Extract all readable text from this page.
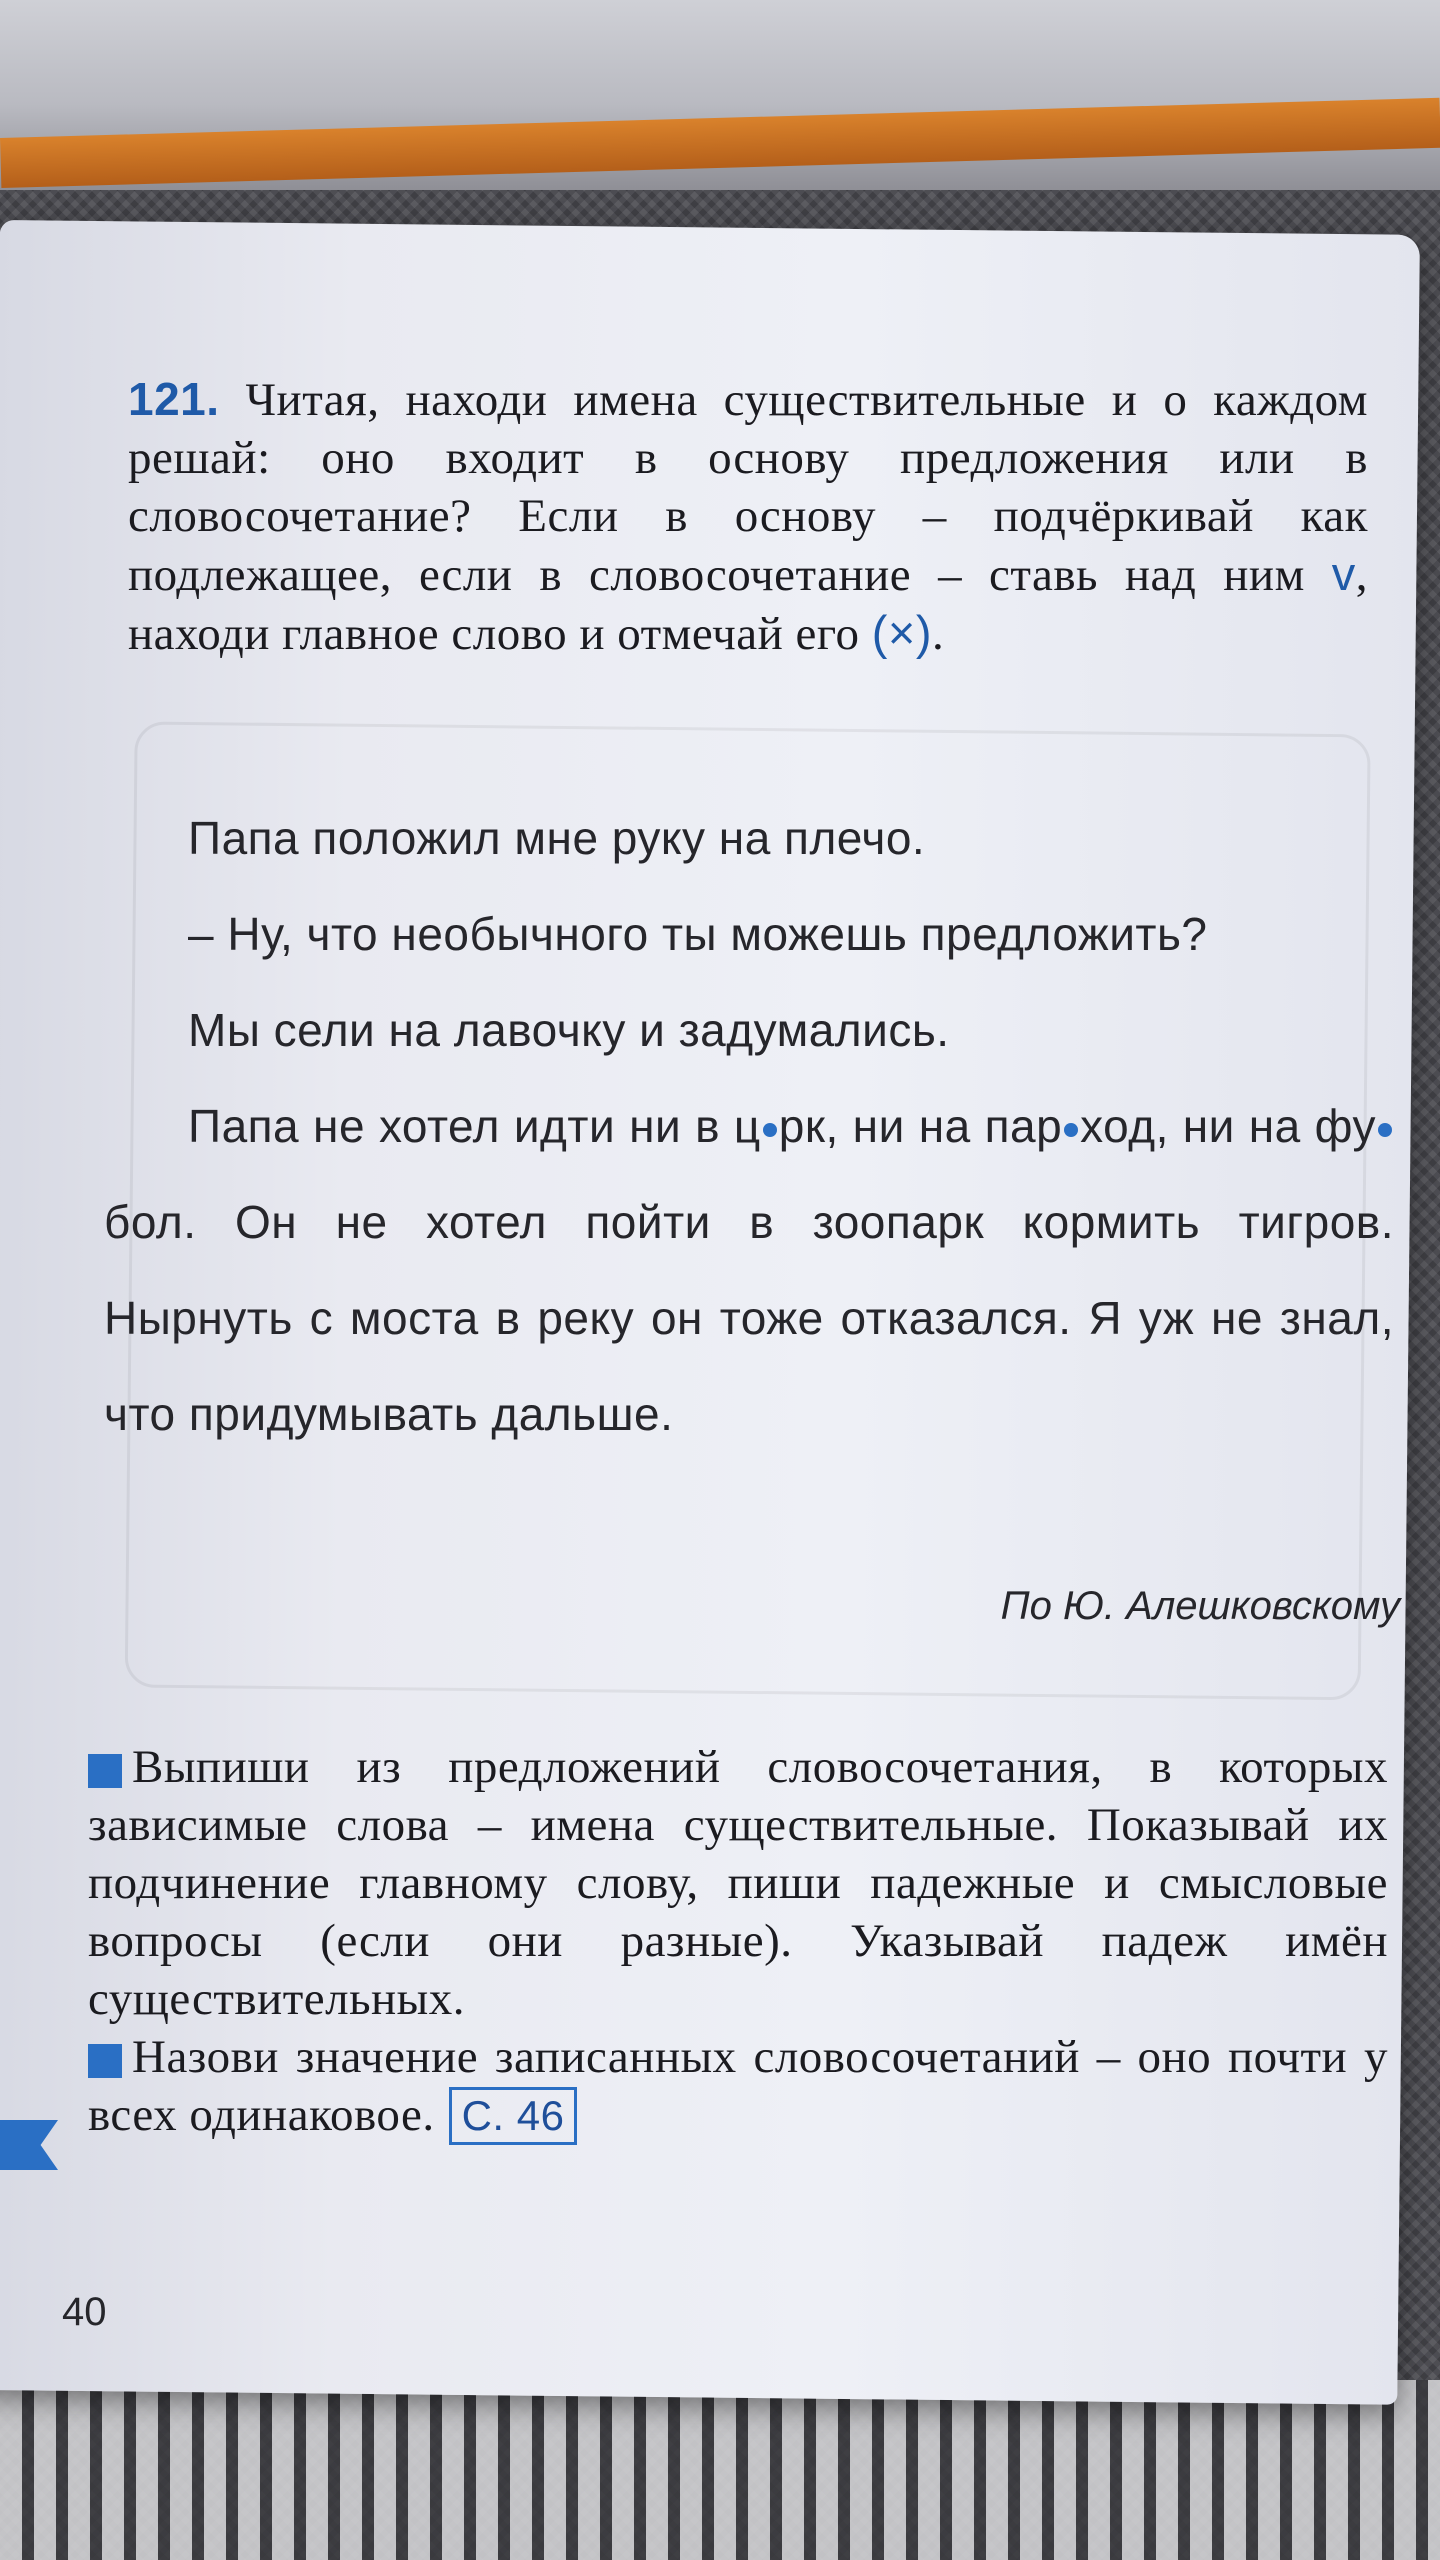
121. Читая, находи имена существительные и о каждом решай: оно входит в основу предложения или в словосочетание? Если в основу – подчёркивай как подлежащее, если в словосочетание – ставь над ним v, находи главное слово и отмечай его (×).

Папа положил мне руку на плечо.

– Ну, что необычного ты можешь предложить?

Мы сели на лавочку и задумались.

Папа не хотел идти ни в ц рк, ни на пар ход, ни на фубол. Он не хотел пойти в зоопарк кормить тигров. Нырнуть с моста в реку он тоже отказался. Я уж не знал, что придумывать дальше.

По Ю. Алешковскому

Выпиши из предложений словосочетания, в которых зависимые слова – имена существительные. Показывай их подчинение главному слову, пиши падежные и смысловые вопросы (если они разные). Указывай падеж имён существительных.

Назови значение записанных словосочетаний – оно почти у всех одинаковое. С. 46

40
